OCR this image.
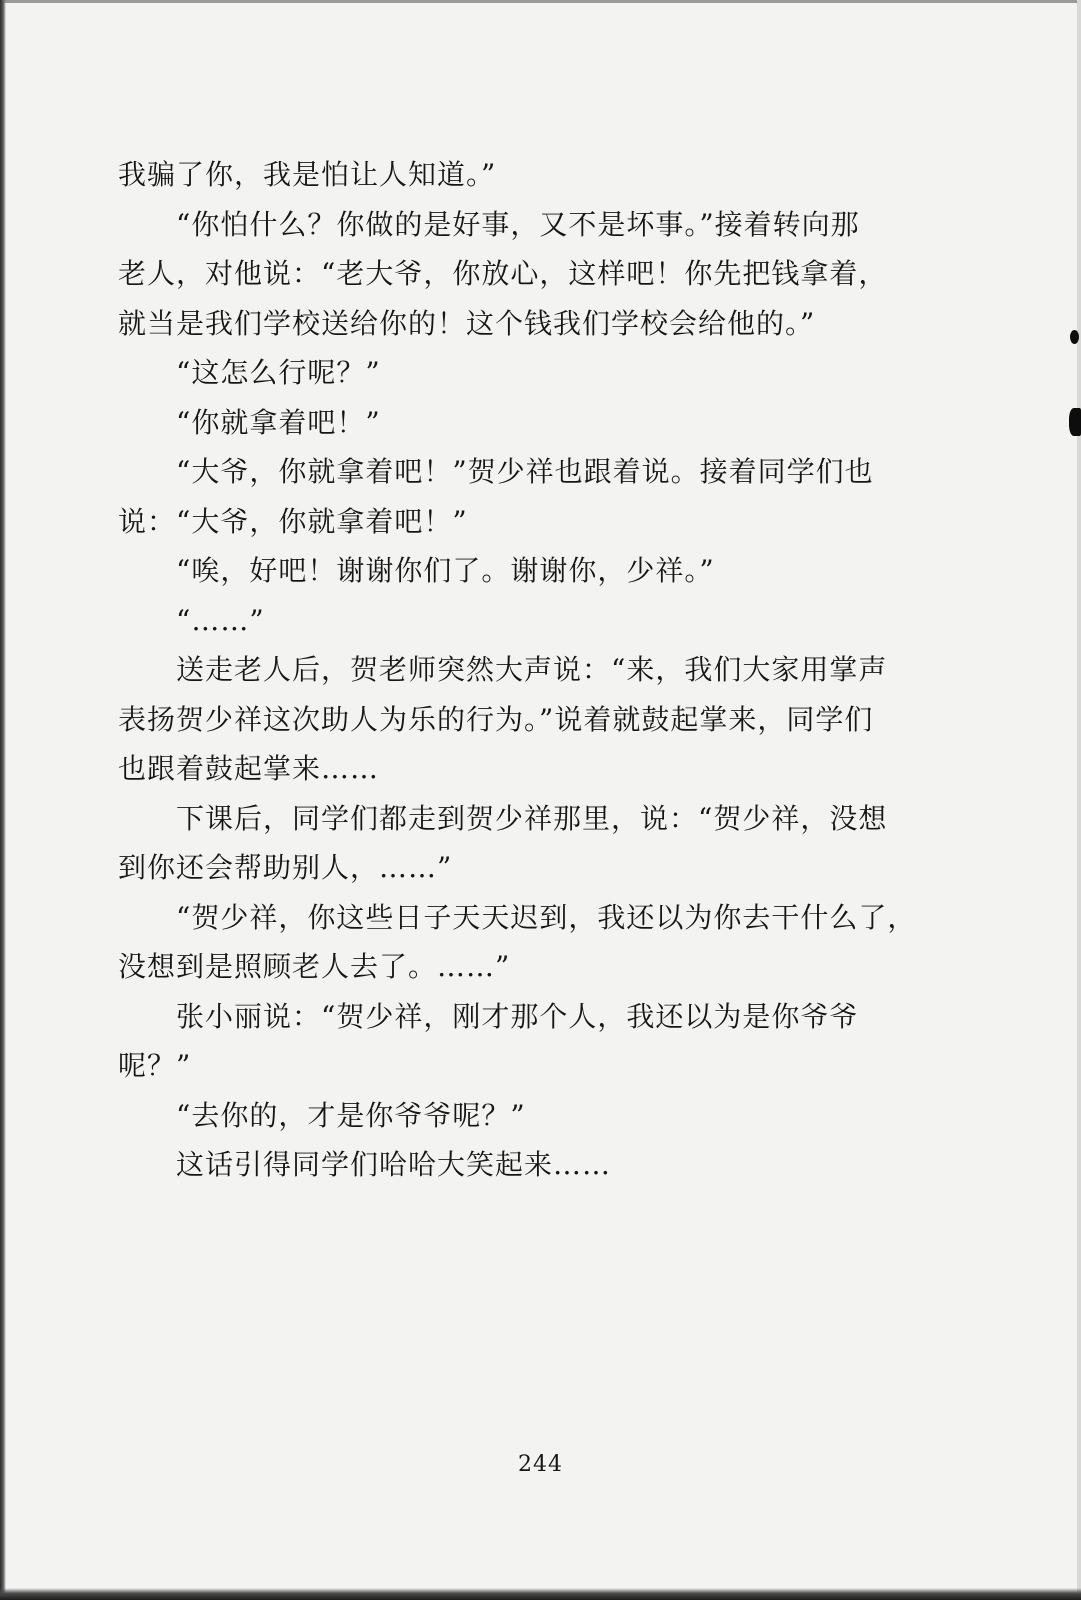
我骗了你，我是怕让人知道。”
“你怕什么？你做的是好事，又不是坏事。”接着转向那
老人，对他说：“老大爷，你放心，这样吧！你先把钱拿着，
就当是我们学校送给你的！这个钱我们学校会给他的。”
“这怎么行呢？”
“你就拿着吧！”
“大爷，你就拿着吧！”贺少祥也跟着说。接着同学们也
说：“大爷，你就拿着吧！”
“唉，好吧！谢谢你们了。谢谢你，少祥。”
“……”
送走老人后，贺老师突然大声说：“来，我们大家用掌声
表扬贺少祥这次助人为乐的行为。”说着就鼓起掌来，同学们
也跟着鼓起掌来……
下课后，同学们都走到贺少祥那里，说：“贺少祥，没想
到你还会帮助别人，……”
“贺少祥，你这些日子天天迟到，我还以为你去干什么了，
没想到是照顾老人去了。……”
张小丽说：“贺少祥，刚才那个人，我还以为是你爷爷
呢？”
“去你的，才是你爷爷呢？”
这话引得同学们哈哈大笑起来……
244
